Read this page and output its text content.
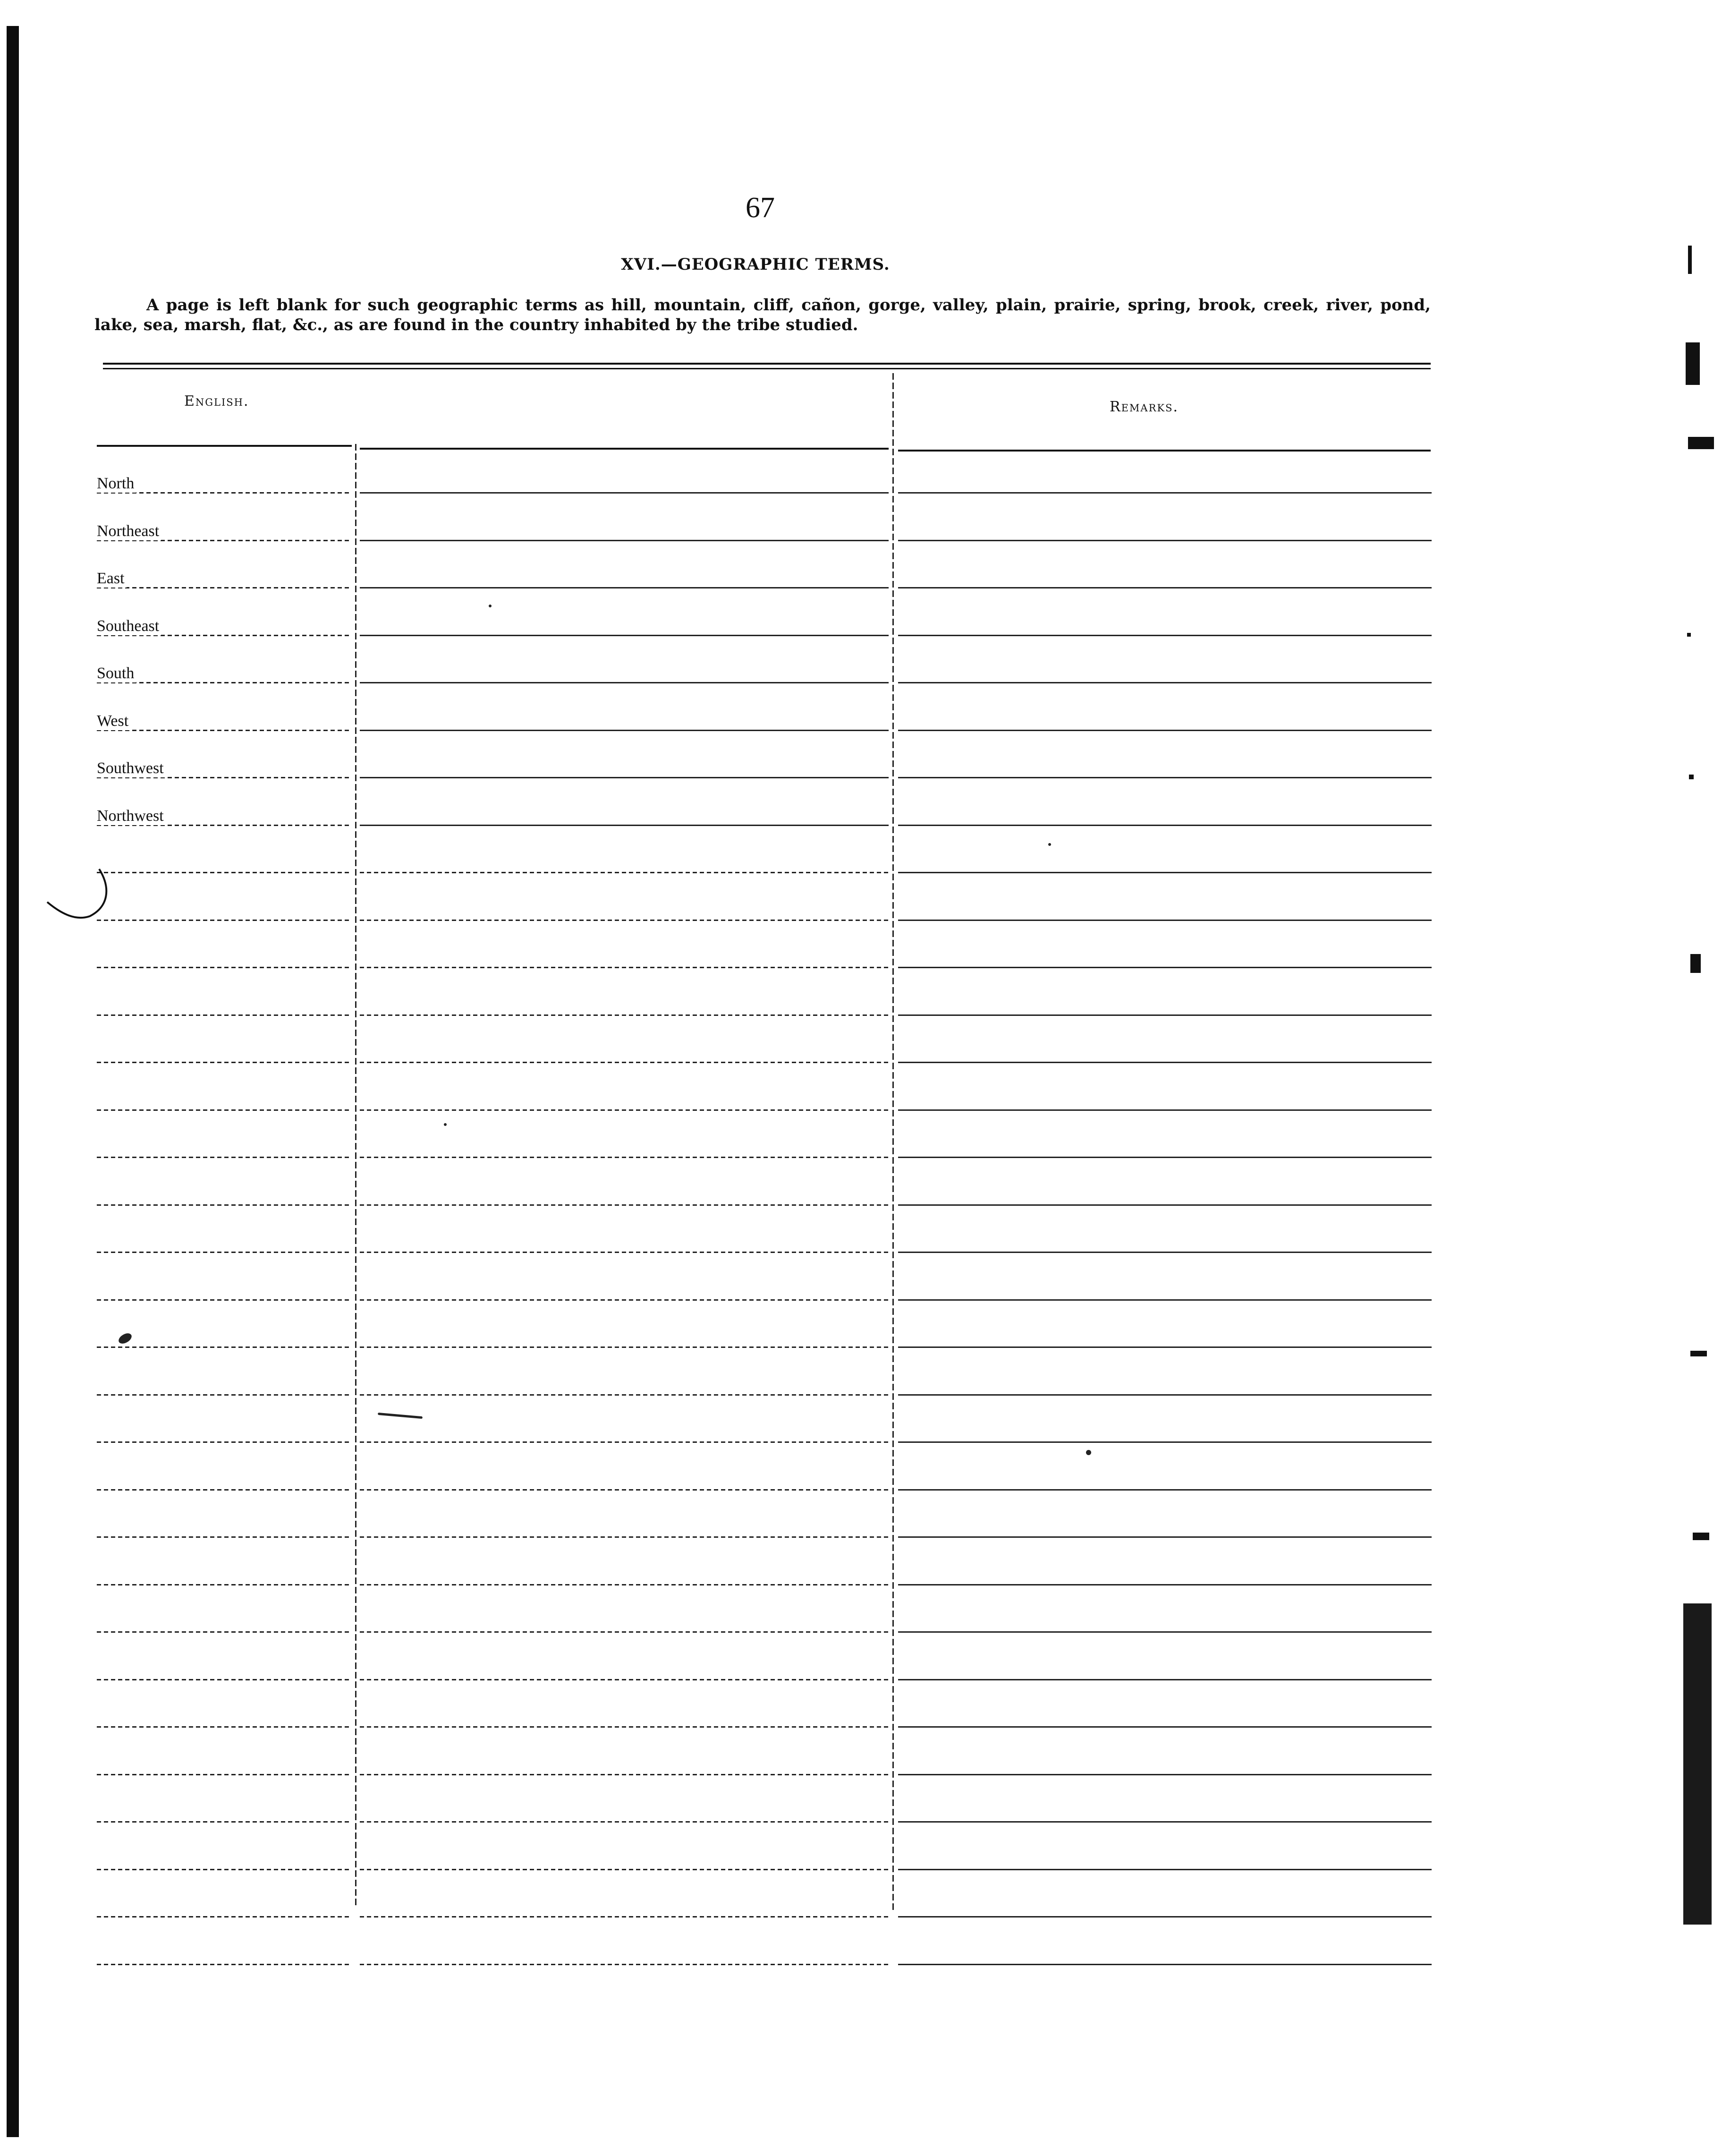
67
XVI.—GEOGRAPHIC TERMS.
A page is left blank for such geographic terms as hill, mountain, cliff, cañon, gorge, valley, plain, prairie, spring, brook, creek, river, pond, lake, sea, marsh, flat, &c., as are found in the country inhabited by the tribe studied.
English.	Remarks.
North
Northeast
East
Southeast
South
West
Southwest
Northwest
